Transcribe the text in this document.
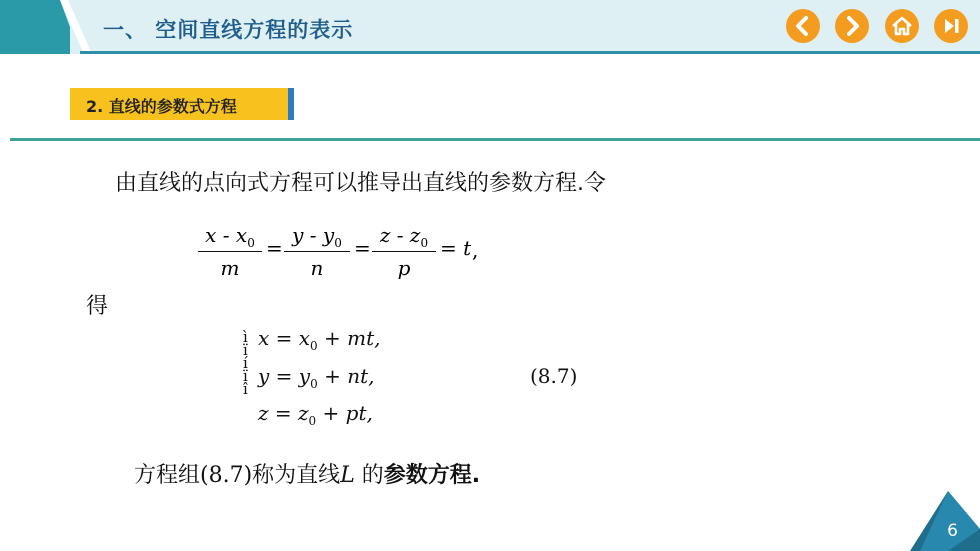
一、 空间直线方程的表示
2. 直线的参数式方程
由直线的点向式方程可以推导出直线的参数方程.令
x - $x_0$
m
=
y - $y_0$
n
=
z - $z_0$
p
= t ,
得
ì
ï
í
ï
î
$x = x_0$ + mt,
$y = y_0$ + nt,
$z = z_0$ + pt,
(8.7)
方程组(8.7)称为直线L 的参数方程.
6
